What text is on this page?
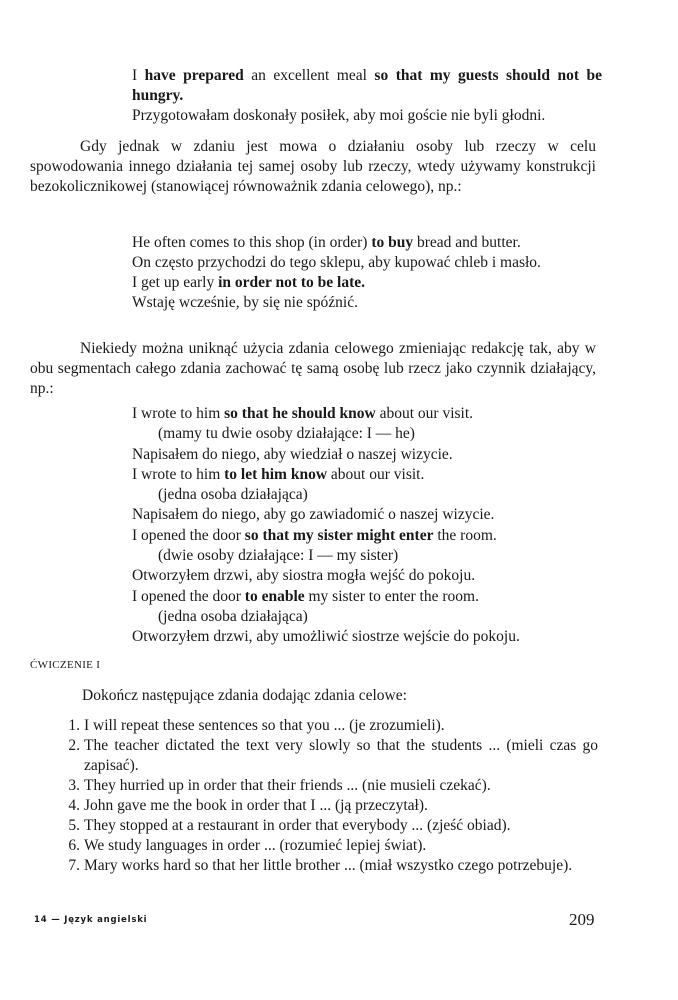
I have prepared an excellent meal so that my guests should not be hungry.

Przygotowałam doskonały posiłek, aby moi goście nie byli głodni.

Gdy jednak w zdaniu jest mowa o działaniu osoby lub rzeczy w celu spowodowania innego działania tej samej osoby lub rzeczy, wtedy używamy konstrukcji bezokolicznikowej (stanowiącej równoważnik zdania celowego), np.:

He often comes to this shop (in order) to buy bread and butter.

On często przychodzi do tego sklepu, aby kupować chleb i masło.

I get up early in order not to be late.

Wstaję wcześnie, by się nie spóźnić.

Niekiedy można uniknąć użycia zdania celowego zmieniając redakcję tak, aby w obu segmentach całego zdania zachować tę samą osobę lub rzecz jako czynnik działający, np.:

I wrote to him so that he should know about our visit.

(mamy tu dwie osoby działające: I — he)

Napisałem do niego, aby wiedział o naszej wizycie.

I wrote to him to let him know about our visit.

(jedna osoba działająca)

Napisałem do niego, aby go zawiadomić o naszej wizycie.

I opened the door so that my sister might enter the room.

(dwie osoby działające: I — my sister)

Otworzyłem drzwi, aby siostra mogła wejść do pokoju.

I opened the door to enable my sister to enter the room.

(jedna osoba działająca)

Otworzyłem drzwi, aby umożliwić siostrze wejście do pokoju.

ĆWICZENIE I

Dokończ następujące zdania dodając zdania celowe:

1. I will repeat these sentences so that you ... (je zrozumieli).
2. The teacher dictated the text very slowly so that the students ... (mieli czas go zapisać).
3. They hurried up in order that their friends ... (nie musieli czekać).
4. John gave me the book in order that I ... (ją przeczytał).
5. They stopped at a restaurant in order that everybody ... (zjeść obiad).
6. We study languages in order ... (rozumieć lepiej świat).
7. Mary works hard so that her little brother ... (miał wszystko czego potrzebuje).
14 — Język angielski	209
